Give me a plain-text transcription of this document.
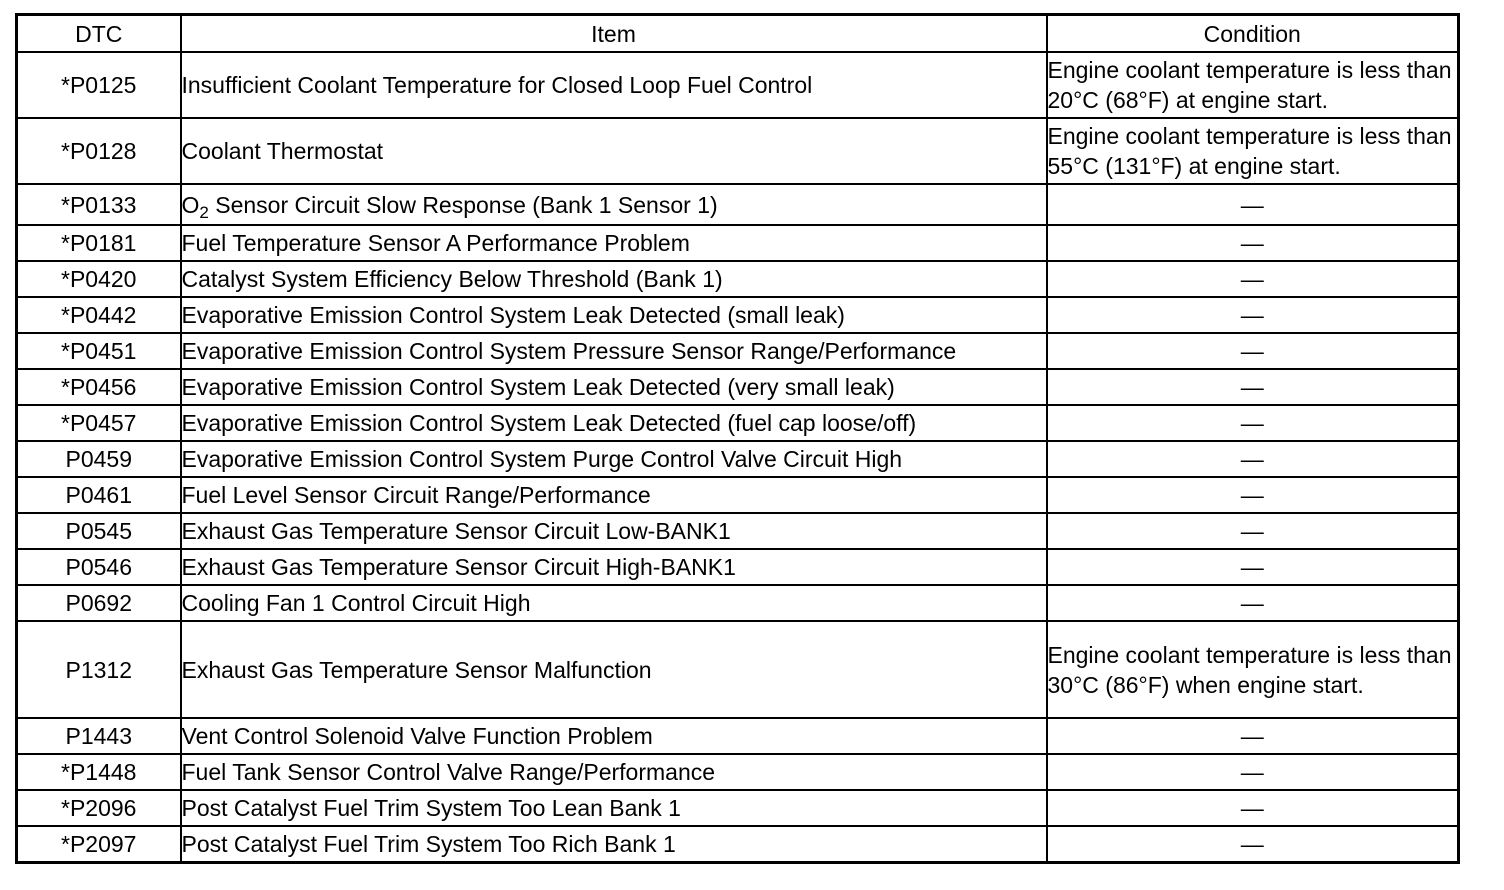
DTC	Item	Condition
*P0125	Insufficient Coolant Temperature for Closed Loop Fuel Control	Engine coolant temperature is less than 20°C (68°F) at engine start.
*P0128	Coolant Thermostat	Engine coolant temperature is less than 55°C (131°F) at engine start.
*P0133	$O_2$ Sensor Circuit Slow Response (Bank 1 Sensor 1)	—
*P0181	Fuel Temperature Sensor A Performance Problem	—
*P0420	Catalyst System Efficiency Below Threshold (Bank 1)	—
*P0442	Evaporative Emission Control System Leak Detected (small leak)	—
*P0451	Evaporative Emission Control System Pressure Sensor Range/Performance	—
*P0456	Evaporative Emission Control System Leak Detected (very small leak)	—
*P0457	Evaporative Emission Control System Leak Detected (fuel cap loose/off)	—
P0459	Evaporative Emission Control System Purge Control Valve Circuit High	—
P0461	Fuel Level Sensor Circuit Range/Performance	—
P0545	Exhaust Gas Temperature Sensor Circuit Low-BANK1	—
P0546	Exhaust Gas Temperature Sensor Circuit High-BANK1	—
P0692	Cooling Fan 1 Control Circuit High	—
P1312	Exhaust Gas Temperature Sensor Malfunction	Engine coolant temperature is less than 30°C (86°F) when engine start.
P1443	Vent Control Solenoid Valve Function Problem	—
*P1448	Fuel Tank Sensor Control Valve Range/Performance	—
*P2096	Post Catalyst Fuel Trim System Too Lean Bank 1	—
*P2097	Post Catalyst Fuel Trim System Too Rich Bank 1	—
